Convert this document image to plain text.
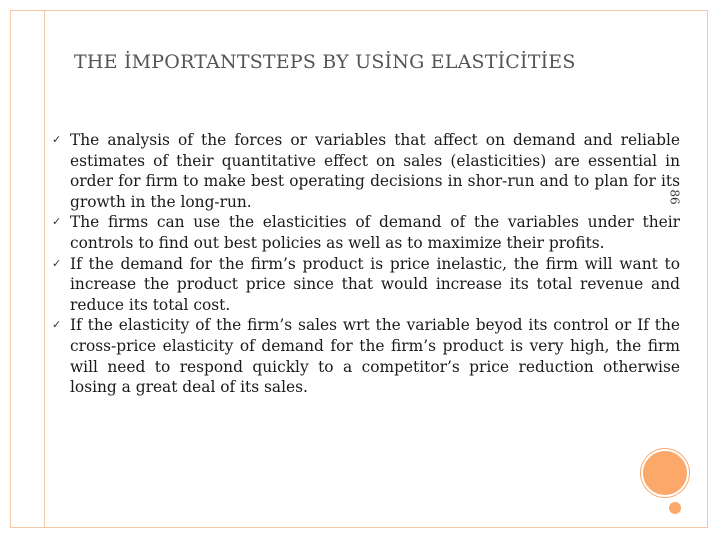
THE İMPORTANTSTEPS BY USİNG ELASTİCİTİES
✓ The analysis of the forces or variables that affect on demand and reliable estimates of their quantitative effect on sales (elasticities) are essential in order for firm to make best operating decisions in shor-run and to plan for its growth in the long-run.
✓ The firms can use the elasticities of demand of the variables under their controls to find out best policies as well as to maximize their profits.
✓ If the demand for the firm’s product is price inelastic, the firm will want to increase the product price since that would increase its total revenue and reduce its total cost.
✓ If the elasticity of the firm’s sales wrt the variable beyod its control or If the cross-price elasticity of demand for the firm’s product is very high, the firm will need to respond quickly to a competitor’s price reduction otherwise losing a great deal of its sales.
86
